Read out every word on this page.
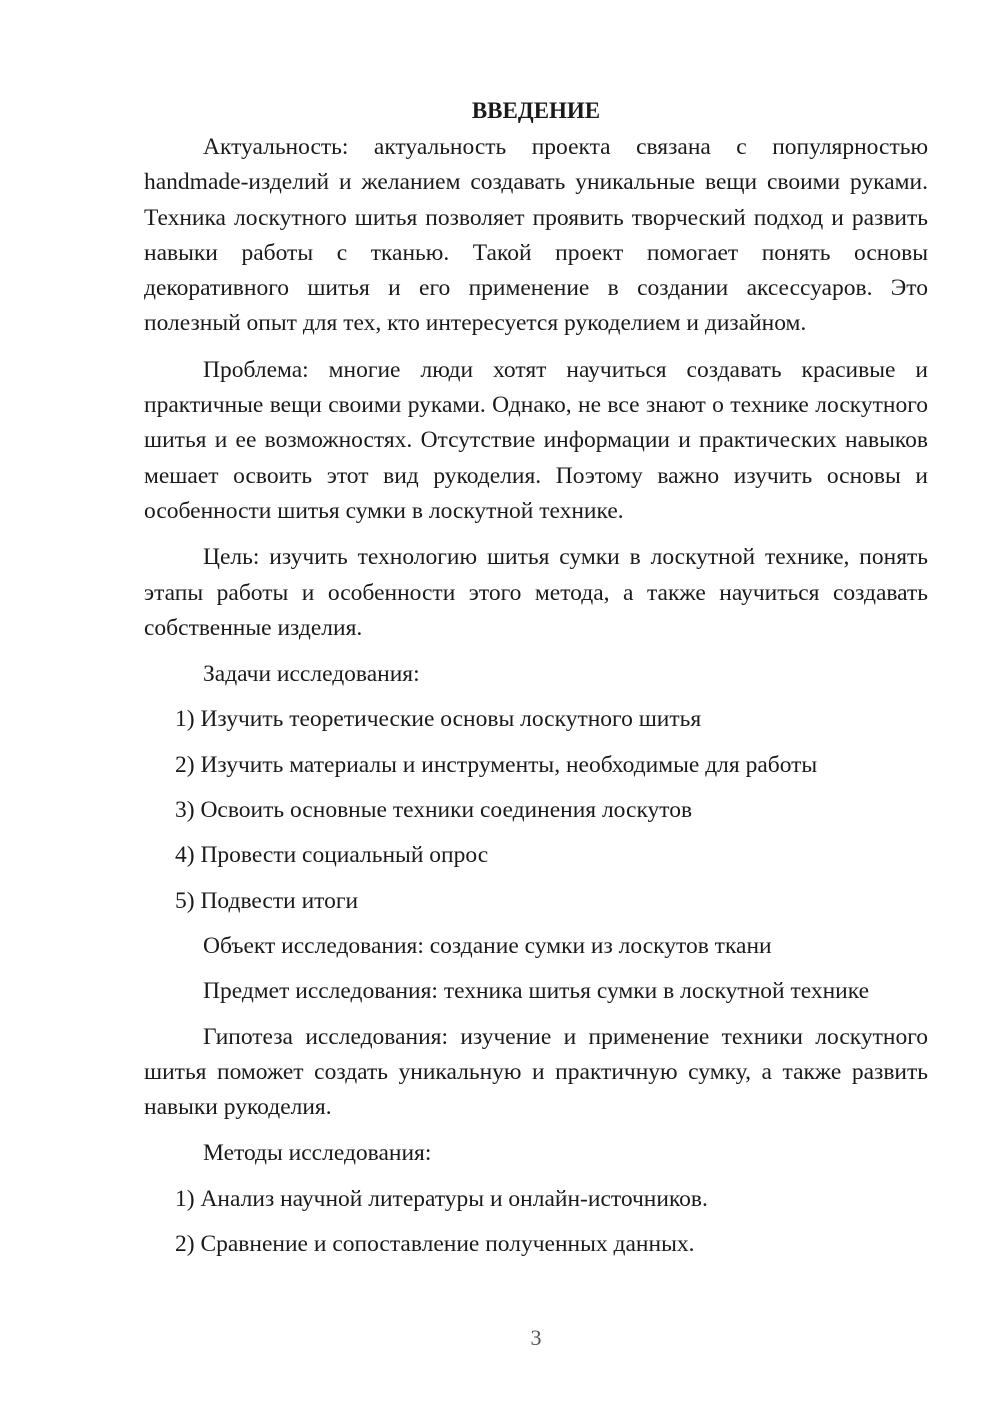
ВВЕДЕНИЕ

Актуальность: актуальность проекта связана с популярностью handmade-изделий и желанием создавать уникальные вещи своими руками. Техника лоскутного шитья позволяет проявить творческий подход и развить навыки работы с тканью. Такой проект помогает понять основы декоративного шитья и его применение в создании аксессуаров. Это полезный опыт для тех, кто интересуется рукоделием и дизайном.

Проблема: многие люди хотят научиться создавать красивые и практичные вещи своими руками. Однако, не все знают о технике лоскутного шитья и ее возможностях. Отсутствие информации и практических навыков мешает освоить этот вид рукоделия. Поэтому важно изучить основы и особенности шитья сумки в лоскутной технике.

Цель: изучить технологию шитья сумки в лоскутной технике, понять этапы работы и особенности этого метода, а также научиться создавать собственные изделия.

Задачи исследования:
1) Изучить теоретические основы лоскутного шитья
2) Изучить материалы и инструменты, необходимые для работы
3) Освоить основные техники соединения лоскутов
4) Провести социальный опрос
5) Подвести итоги
Объект исследования: создание сумки из лоскутов ткани
Предмет исследования: техника шитья сумки в лоскутной технике

Гипотеза исследования: изучение и применение техники лоскутного шитья поможет создать уникальную и практичную сумку, а также развить навыки рукоделия.

Методы исследования:
1) Анализ научной литературы и онлайн-источников.
2) Сравнение и сопоставление полученных данных.
3
